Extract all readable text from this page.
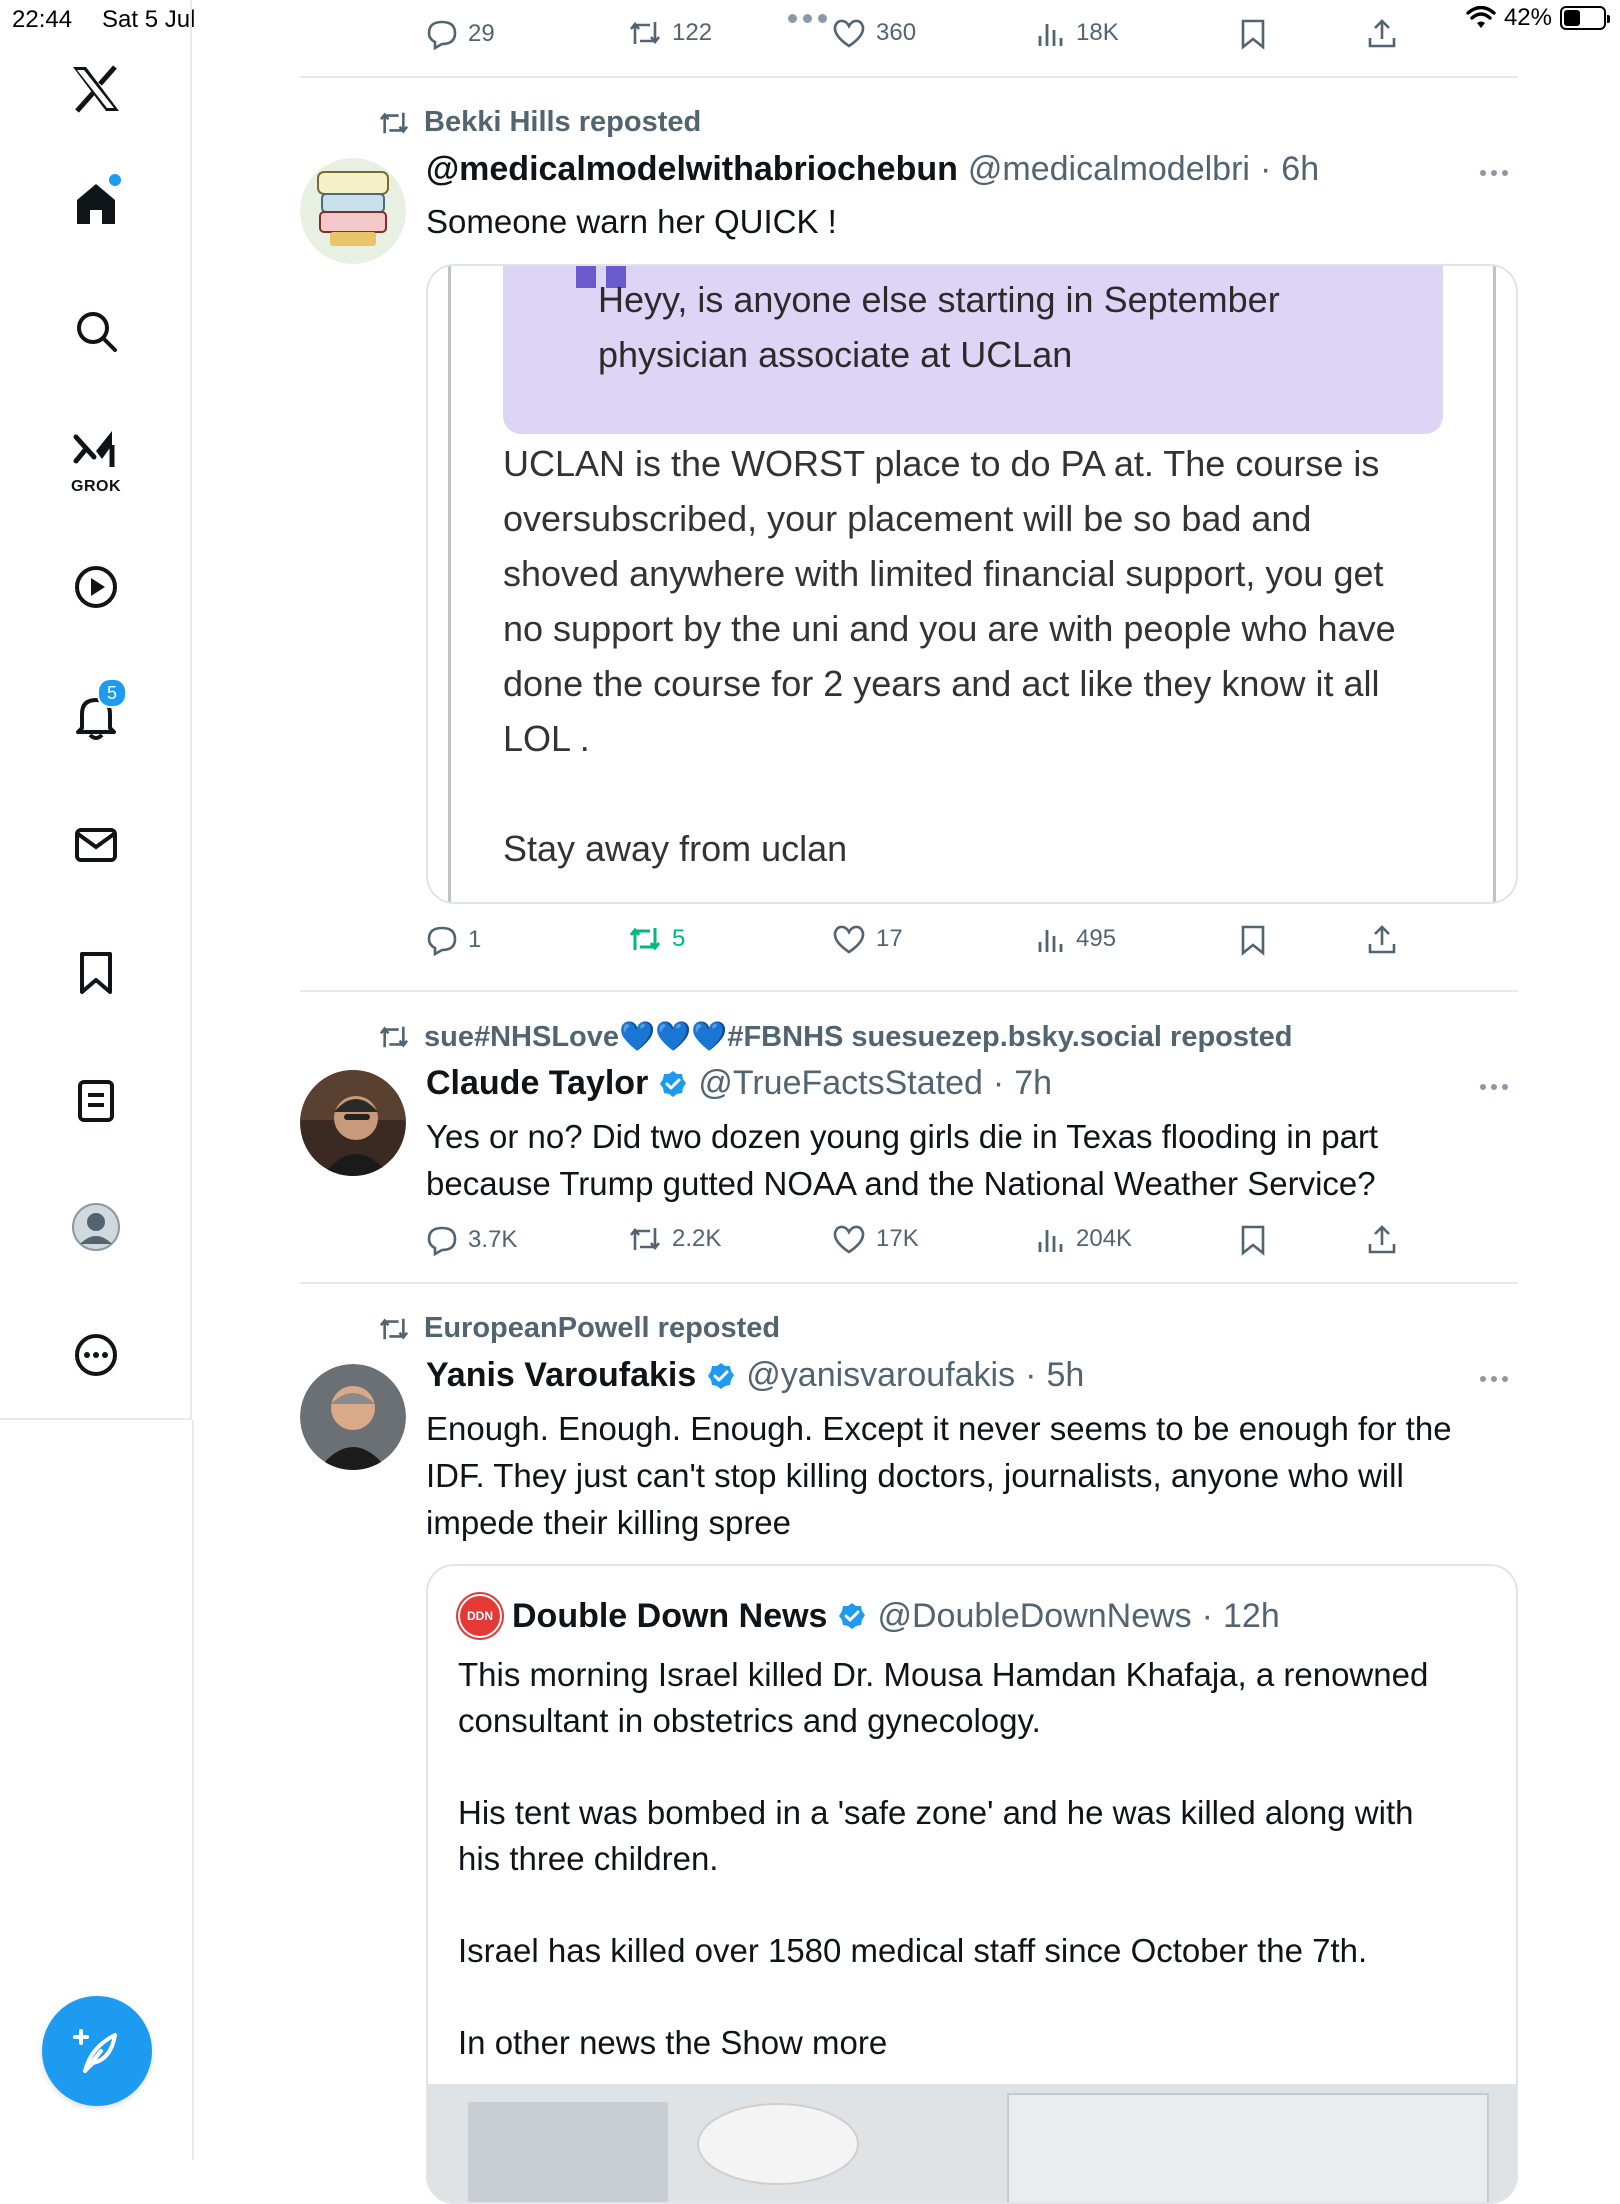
22:44 Sat 5 Jul	42%
GROK
5
29	122	360	18K
Bekki Hills reposted
@medicalmodelwithabriochebun @medicalmodelbri · 6h
Someone warn her QUICK !
Heyy, is anyone else starting in September
physician associate at UCLan
UCLAN is the WORST place to do PA at. The course is
oversubscribed, your placement will be so bad and
shoved anywhere with limited financial support, you get
no support by the uni and you are with people who have
done the course for 2 years and act like they know it all
LOL .

Stay away from uclan
1	5	17	495
sue#NHSLove💙💙💙#FBNHS suesuezep.bsky.social reposted
Claude Taylor @TrueFactsStated · 7h
Yes or no? Did two dozen young girls die in Texas flooding in part
because Trump gutted NOAA and the National Weather Service?
3.7K	2.2K	17K	204K
EuropeanPowell reposted
Yanis Varoufakis @yanisvaroufakis · 5h
Enough. Enough. Enough. Except it never seems to be enough for the
IDF. They just can't stop killing doctors, journalists, anyone who will
impede their killing spree
DDN Double Down News @DoubleDownNews · 12h
This morning Israel killed Dr. Mousa Hamdan Khafaja, a renowned
consultant in obstetrics and gynecology.

His tent was bombed in a 'safe zone' and he was killed along with
his three children.

Israel has killed over 1580 medical staff since October the 7th.

In other news the Show more
